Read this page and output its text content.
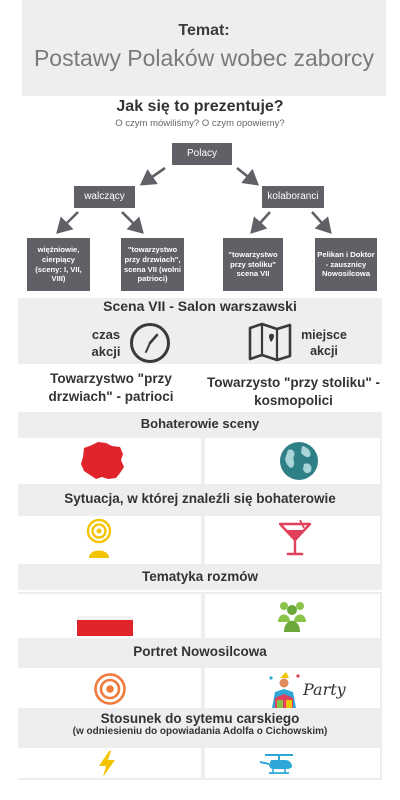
Temat:
Postawy Polaków wobec zaborcy
Jak się to prezentuje?
O czym mówiliśmy? O czym opowiemy?
Polacy
walczący	kolaboranci
więźniowie, cierpiący (sceny: I, VII, VIII)
"towarzystwo przy drzwiach", scena VII (wolni patrioci)
"towarzystwo przy stoliku" scena VII
Pelikan i Doktor - zausznicy Nowosilcowa
Scena VII - Salon warszawski
czas akcji
miejsce akcji
Towarzystwo "przy drzwiach" - patrioci
Towarzysto "przy stoliku" - kosmopolici
Bohaterowie sceny
Sytuacja, w której znaleźli się bohaterowie
Tematyka rozmów
Portret Nowosilcowa
Party
Stosunek do sytemu carskiego
(w odniesieniu do opowiadania Adolfa o Cichowskim)
